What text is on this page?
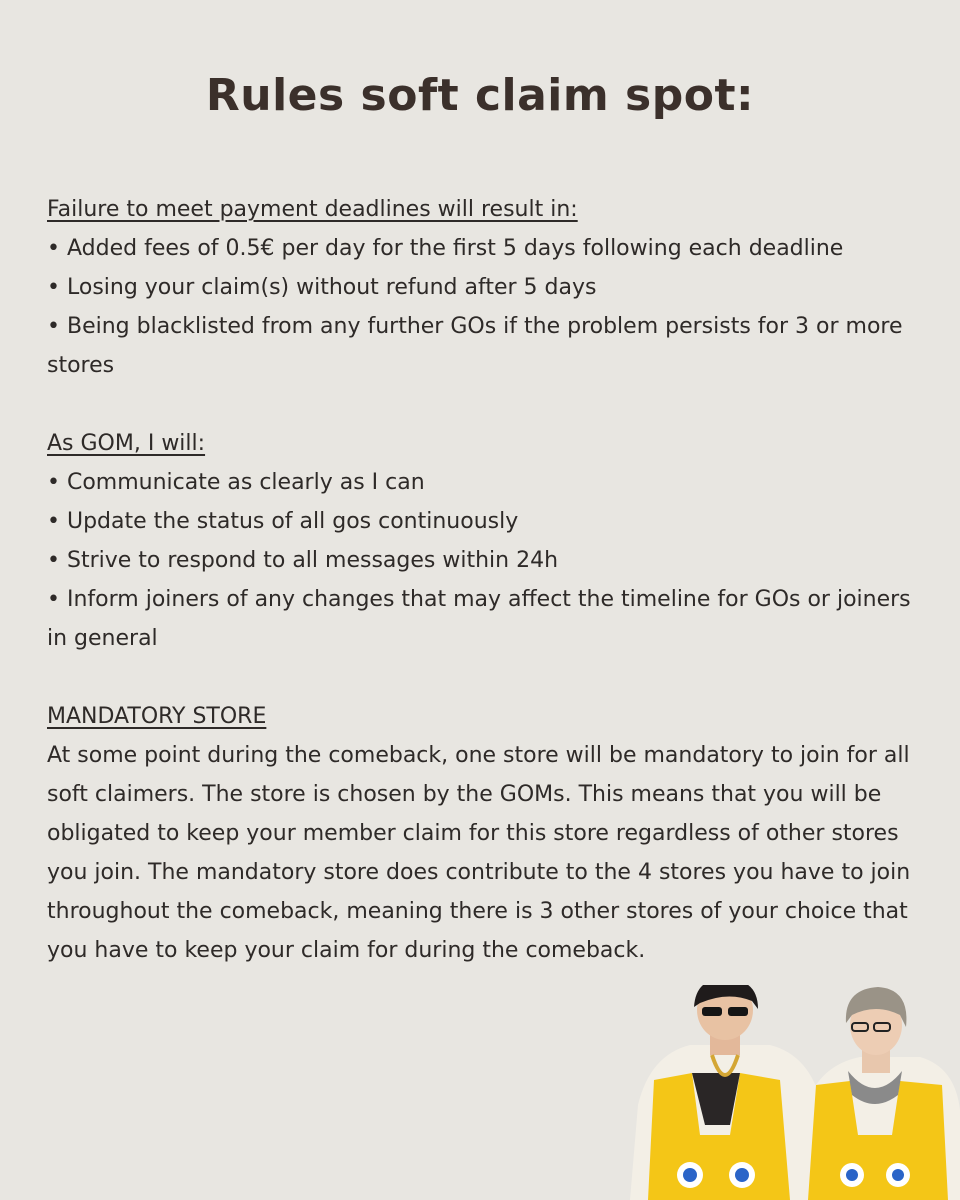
Rules soft claim spot:
Failure to meet payment deadlines will result in:
• Added fees of 0.5€ per day for the first 5 days following each deadline
• Losing your claim(s) without refund after 5 days
• Being blacklisted from any further GOs if the problem persists for 3 or more stores
As GOM, I will:
• Communicate as clearly as I can
• Update the status of all gos continuously
• Strive to respond to all messages within 24h
• Inform joiners of any changes that may affect the timeline for GOs or joiners in general
MANDATORY STORE

At some point during the comeback, one store will be mandatory to join for all soft claimers. The store is chosen by the GOMs. This means that you will be obligated to keep your member claim for this store regardless of other stores you join. The mandatory store does contribute to the 4 stores you have to join throughout the comeback, meaning there is 3 other stores of your choice that you have to keep your claim for during the comeback.
